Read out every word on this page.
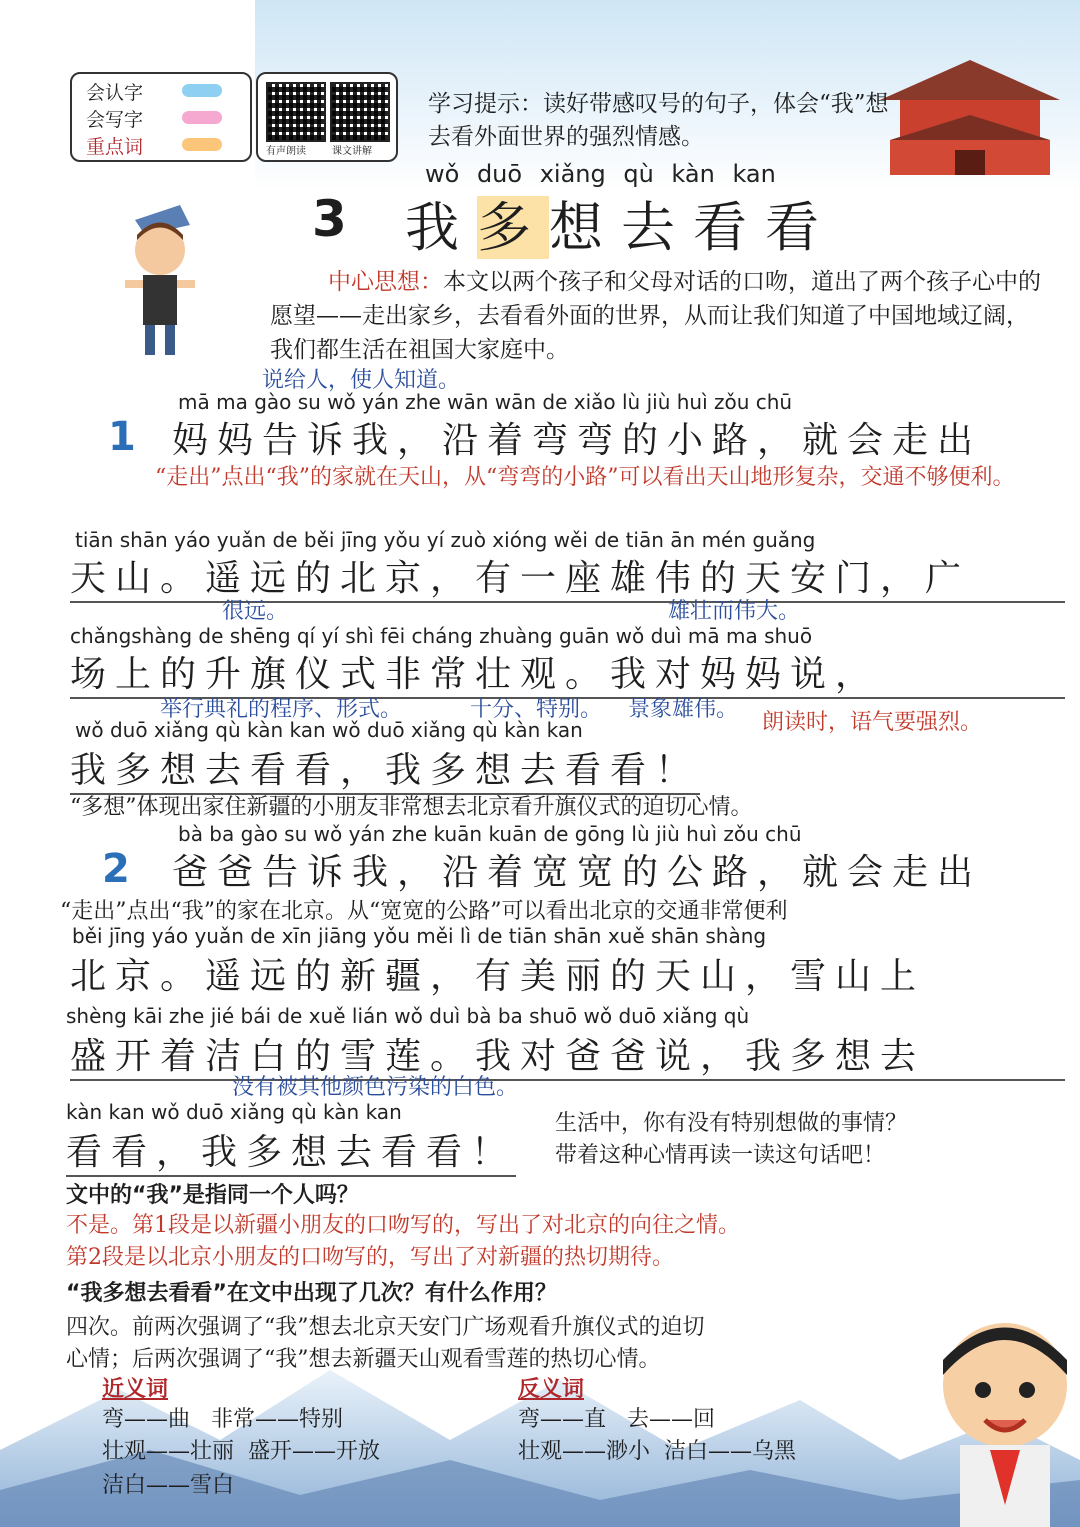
会认字
会写字
重点词	有声朗读	课文讲解
学习提示：读好带感叹号的句子，体会“我”想去看外面世界的强烈情感。
wǒ duō xiǎng qù kàn kan
3 我多想去看看
中心思想：本文以两个孩子和父母对话的口吻，道出了两个孩子心中的愿望——走出家乡，去看看外面的世界，从而让我们知道了中国地域辽阔，我们都生活在祖国大家庭中。
说给人，使人知道。
mā ma gào su wǒ yán zhe wān wān de xiǎo lù jiù huì zǒu chū
1 妈妈告诉我，沿着弯弯的小路，就会走出
“走出”点出“我”的家就在天山，从“弯弯的小路”可以看出天山地形复杂，交通不够便利。
tiān shān yáo yuǎn de běi jīng yǒu yí zuò xióng wěi de tiān ān mén guǎng
天山。遥远的北京，有一座雄伟的天安门，广
很远。	雄壮而伟大。
chǎngshàng de shēng qí yí shì fēi cháng zhuàng guān wǒ duì mā ma shuō
场上的升旗仪式非常壮观。我对妈妈说，
举行典礼的程序、形式。	十分、特别。 景象雄伟。
朗读时，语气要强烈。
wǒ duō xiǎng qù kàn kan wǒ duō xiǎng qù kàn kan
我多想去看看，我多想去看看！
“多想”体现出家住新疆的小朋友非常想去北京看升旗仪式的迫切心情。
bà ba gào su wǒ yán zhe kuān kuān de gōng lù jiù huì zǒu chū
2 爸爸告诉我，沿着宽宽的公路，就会走出
“走出”点出“我”的家在北京。从“宽宽的公路”可以看出北京的交通非常便利
běi jīng yáo yuǎn de xīn jiāng yǒu měi lì de tiān shān xuě shān shàng
北京。遥远的新疆，有美丽的天山，雪山上
shèng kāi zhe jié bái de xuě lián wǒ duì bà ba shuō wǒ duō xiǎng qù
盛开着洁白的雪莲。我对爸爸说，我多想去
没有被其他颜色污染的白色。
kàn kan wǒ duō xiǎng qù kàn kan
看看，我多想去看看！
生活中，你有没有特别想做的事情？
带着这种心情再读一读这句话吧！
文中的“我”是指同一个人吗？
不是。第1段是以新疆小朋友的口吻写的，写出了对北京的向往之情。
第2段是以北京小朋友的口吻写的，写出了对新疆的热切期待。
“我多想去看看”在文中出现了几次？有什么作用？
四次。前两次强调了“我”想去北京天安门广场观看升旗仪式的迫切
心情；后两次强调了“我”想去新疆天山观看雪莲的热切心情。
近义词
弯——曲   非常——特别
壮观——壮丽  盛开——开放
洁白——雪白
反义词
弯——直   去——回
壮观——渺小  洁白——乌黑
